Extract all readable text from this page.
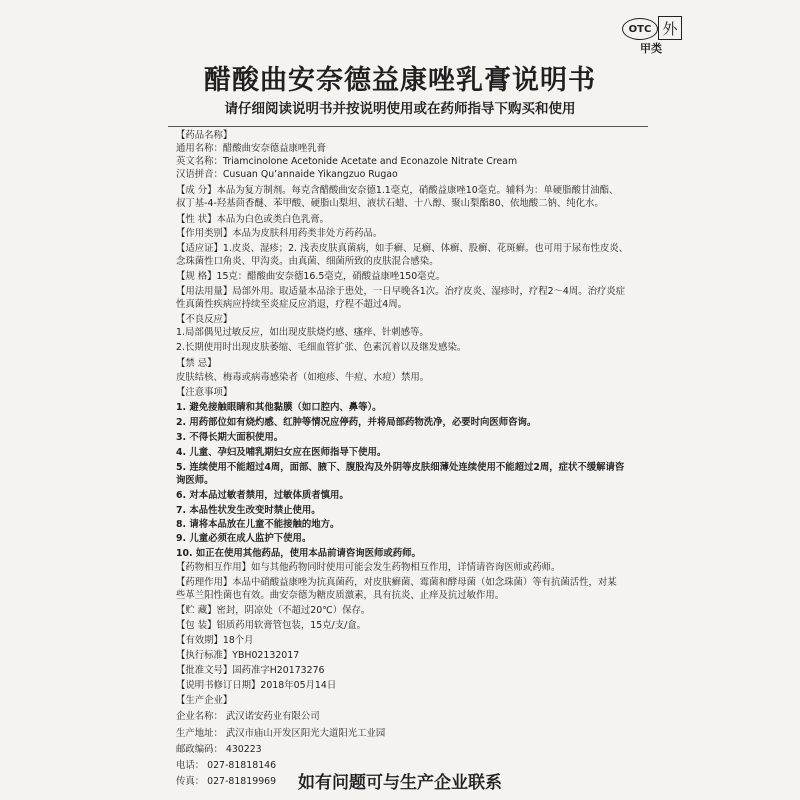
OTC 外
甲类
醋酸曲安奈德益康唑乳膏说明书
请仔细阅读说明书并按说明使用或在药师指导下购买和使用
【药品名称】
通用名称：醋酸曲安奈德益康唑乳膏
英文名称：Triamcinolone Acetonide Acetate and Econazole Nitrate Cream
汉语拼音：Cusuan Qu’annaide Yikangzuo Rugao
【成 分】本品为复方制剂。每克含醋酸曲安奈德1.1毫克，硝酸益康唑10毫克。辅料为：单硬脂酸甘油酯、
叔丁基-4-羟基茴香醚、苯甲酸、硬脂山梨坦、液状石蜡、十八醇、聚山梨酯80、依地酸二钠、纯化水。
【性 状】本品为白色或类白色乳膏。
【作用类别】本品为皮肤科用药类非处方药药品。
【适应证】1.皮炎、湿疹；2. 浅表皮肤真菌病，如手癣、足癣、体癣、股癣、花斑癣。也可用于尿布性皮炎、
念珠菌性口角炎、甲沟炎。由真菌、细菌所致的皮肤混合感染。
【规 格】15克：醋酸曲安奈德16.5毫克，硝酸益康唑150毫克。
【用法用量】局部外用。取适量本品涂于患处，一日早晚各1次。治疗皮炎、湿疹时，疗程2～4周。治疗炎症
性真菌性疾病应持续至炎症反应消退，疗程不超过4周。
【不良反应】
1.局部偶见过敏反应，如出现皮肤烧灼感、瘙痒、针刺感等。
2.长期使用时出现皮肤萎缩、毛细血管扩张、色素沉着以及继发感染。
【禁 忌】
皮肤结核、梅毒或病毒感染者（如疱疹、牛痘、水痘）禁用。
【注意事项】
1. 避免接触眼睛和其他黏膜（如口腔内、鼻等）。
2. 用药部位如有烧灼感、红肿等情况应停药，并将局部药物洗净，必要时向医师咨询。
3. 不得长期大面积使用。
4. 儿童、孕妇及哺乳期妇女应在医师指导下使用。
5. 连续使用不能超过4周，面部、腋下、腹股沟及外阴等皮肤细薄处连续使用不能超过2周，症状不缓解请咨
询医师。
6. 对本品过敏者禁用，过敏体质者慎用。
7. 本品性状发生改变时禁止使用。
8. 请将本品放在儿童不能接触的地方。
9. 儿童必须在成人监护下使用。
10. 如正在使用其他药品，使用本品前请咨询医师或药师。
【药物相互作用】如与其他药物同时使用可能会发生药物相互作用，详情请咨询医师或药师。
【药理作用】本品中硝酸益康唑为抗真菌药，对皮肤癣菌、霉菌和酵母菌（如念珠菌）等有抗菌活性，对某
些革兰阳性菌也有效。曲安奈德为糖皮质激素，具有抗炎、止痒及抗过敏作用。
【贮 藏】密封，阴凉处（不超过20℃）保存。
【包 装】铝质药用软膏管包装，15克/支/盒。
【有效期】18个月
【执行标准】YBH02132017
【批准文号】国药准字H20173276
【说明书修订日期】2018年05月14日
【生产企业】
企业名称： 武汉诺安药业有限公司
生产地址： 武汉市庙山开发区阳光大道阳光工业园
邮政编码： 430223
电话： 027-81818146
传真： 027-81819969	如有问题可与生产企业联系
